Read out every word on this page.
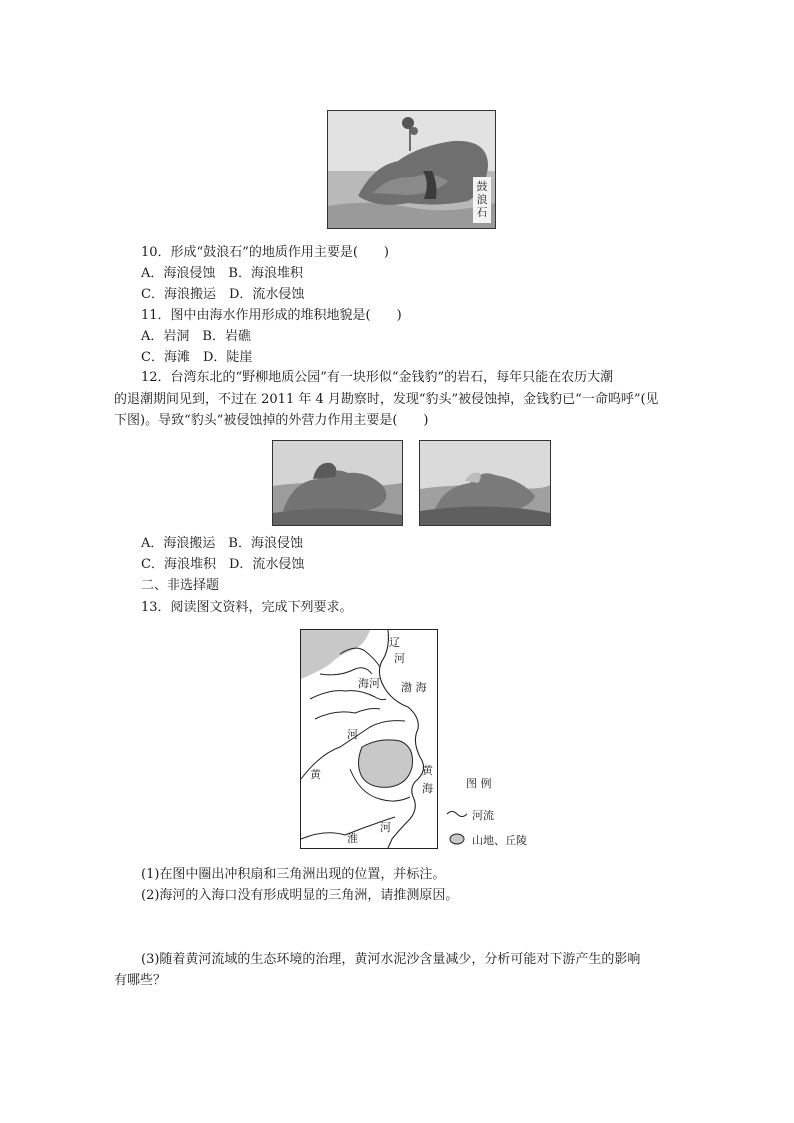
鼓浪石
10．形成“鼓浪石”的地质作用主要是(　　)
A．海浪侵蚀　B．海浪堆积
C．海浪搬运　D．流水侵蚀
11．图中由海水作用形成的堆积地貌是(　　)
A．岩洞　B．岩礁
C．海滩　D．陡崖
12．台湾东北的“野柳地质公园”有一块形似“金钱豹”的岩石，每年只能在农历大潮
的退潮期间见到，不过在 2011 年 4 月勘察时，发现“豹头”被侵蚀掉，金钱豹已“一命呜呼”(见
下图)。导致“豹头”被侵蚀掉的外营力作用主要是(　　)
A．海浪搬运　B．海浪侵蚀
C．海浪堆积　D．流水侵蚀
二、非选择题
13．阅读图文资料，完成下列要求。
辽
河
海河 渤 海
河
黄	黄
海
淮
河
图 例
河流
山地、丘陵
(1)在图中圈出冲积扇和三角洲出现的位置，并标注。
(2)海河的入海口没有形成明显的三角洲，请推测原因。
(3)随着黄河流域的生态环境的治理，黄河水泥沙含量减少，分析可能对下游产生的影响
有哪些？
